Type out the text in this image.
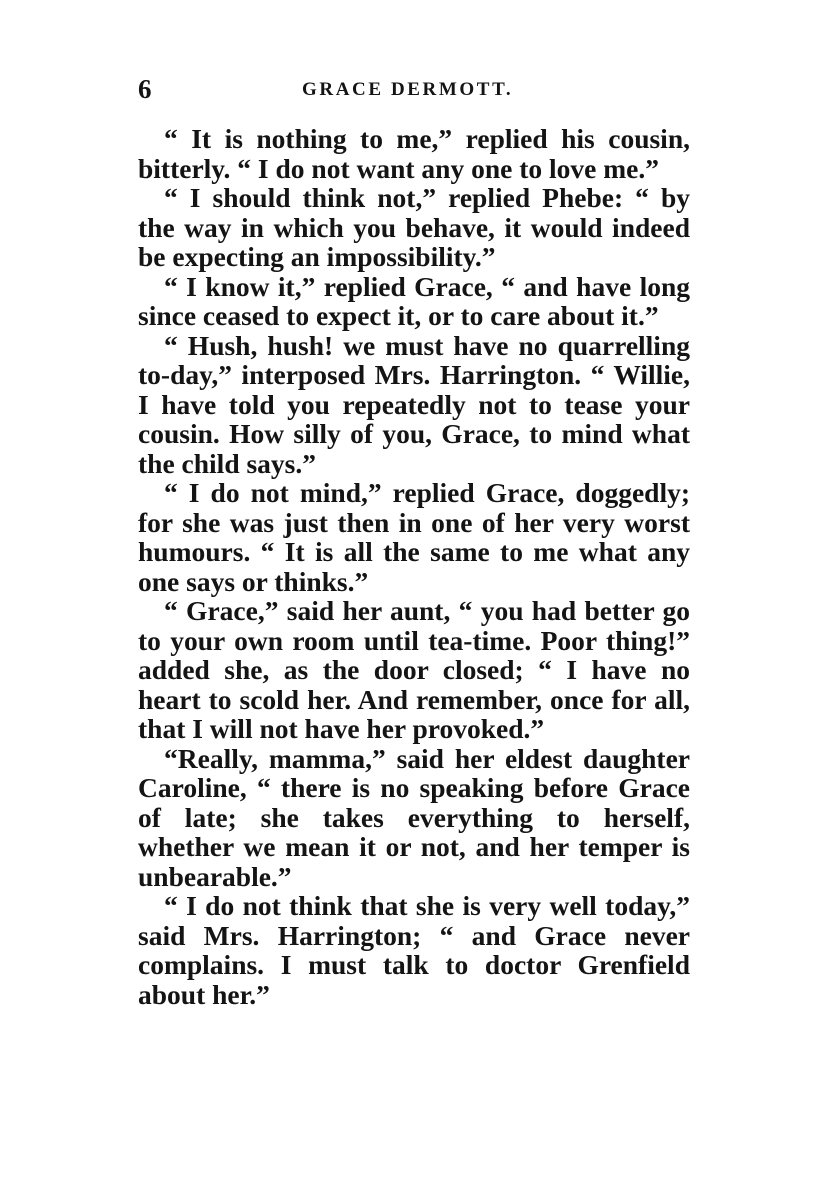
6	GRACE DERMOTT.

“ It is nothing to me,” replied his cousin, bitterly. “ I do not want any one to love me.”

“ I should think not,” replied Phebe: “ by the way in which you behave, it would indeed be expecting an impossibility.”

“ I know it,” replied Grace, “ and have long since ceased to expect it, or to care about it.”

“ Hush, hush! we must have no quarrelling to-day,” interposed Mrs. Harrington. “ Willie, I have told you repeatedly not to tease your cousin. How silly of you, Grace, to mind what the child says.”

“ I do not mind,” replied Grace, doggedly; for she was just then in one of her very worst humours. “ It is all the same to me what any one says or thinks.”

“ Grace,” said her aunt, “ you had better go to your own room until tea-time. Poor thing!” added she, as the door closed; “ I have no heart to scold her. And remember, once for all, that I will not have her provoked.”

“Really, mamma,” said her eldest daughter Caroline, “ there is no speaking before Grace of late; she takes everything to herself, whether we mean it or not, and her temper is unbearable.”

“ I do not think that she is very well today,” said Mrs. Harrington; “ and Grace never complains. I must talk to doctor Grenfield about her.”
